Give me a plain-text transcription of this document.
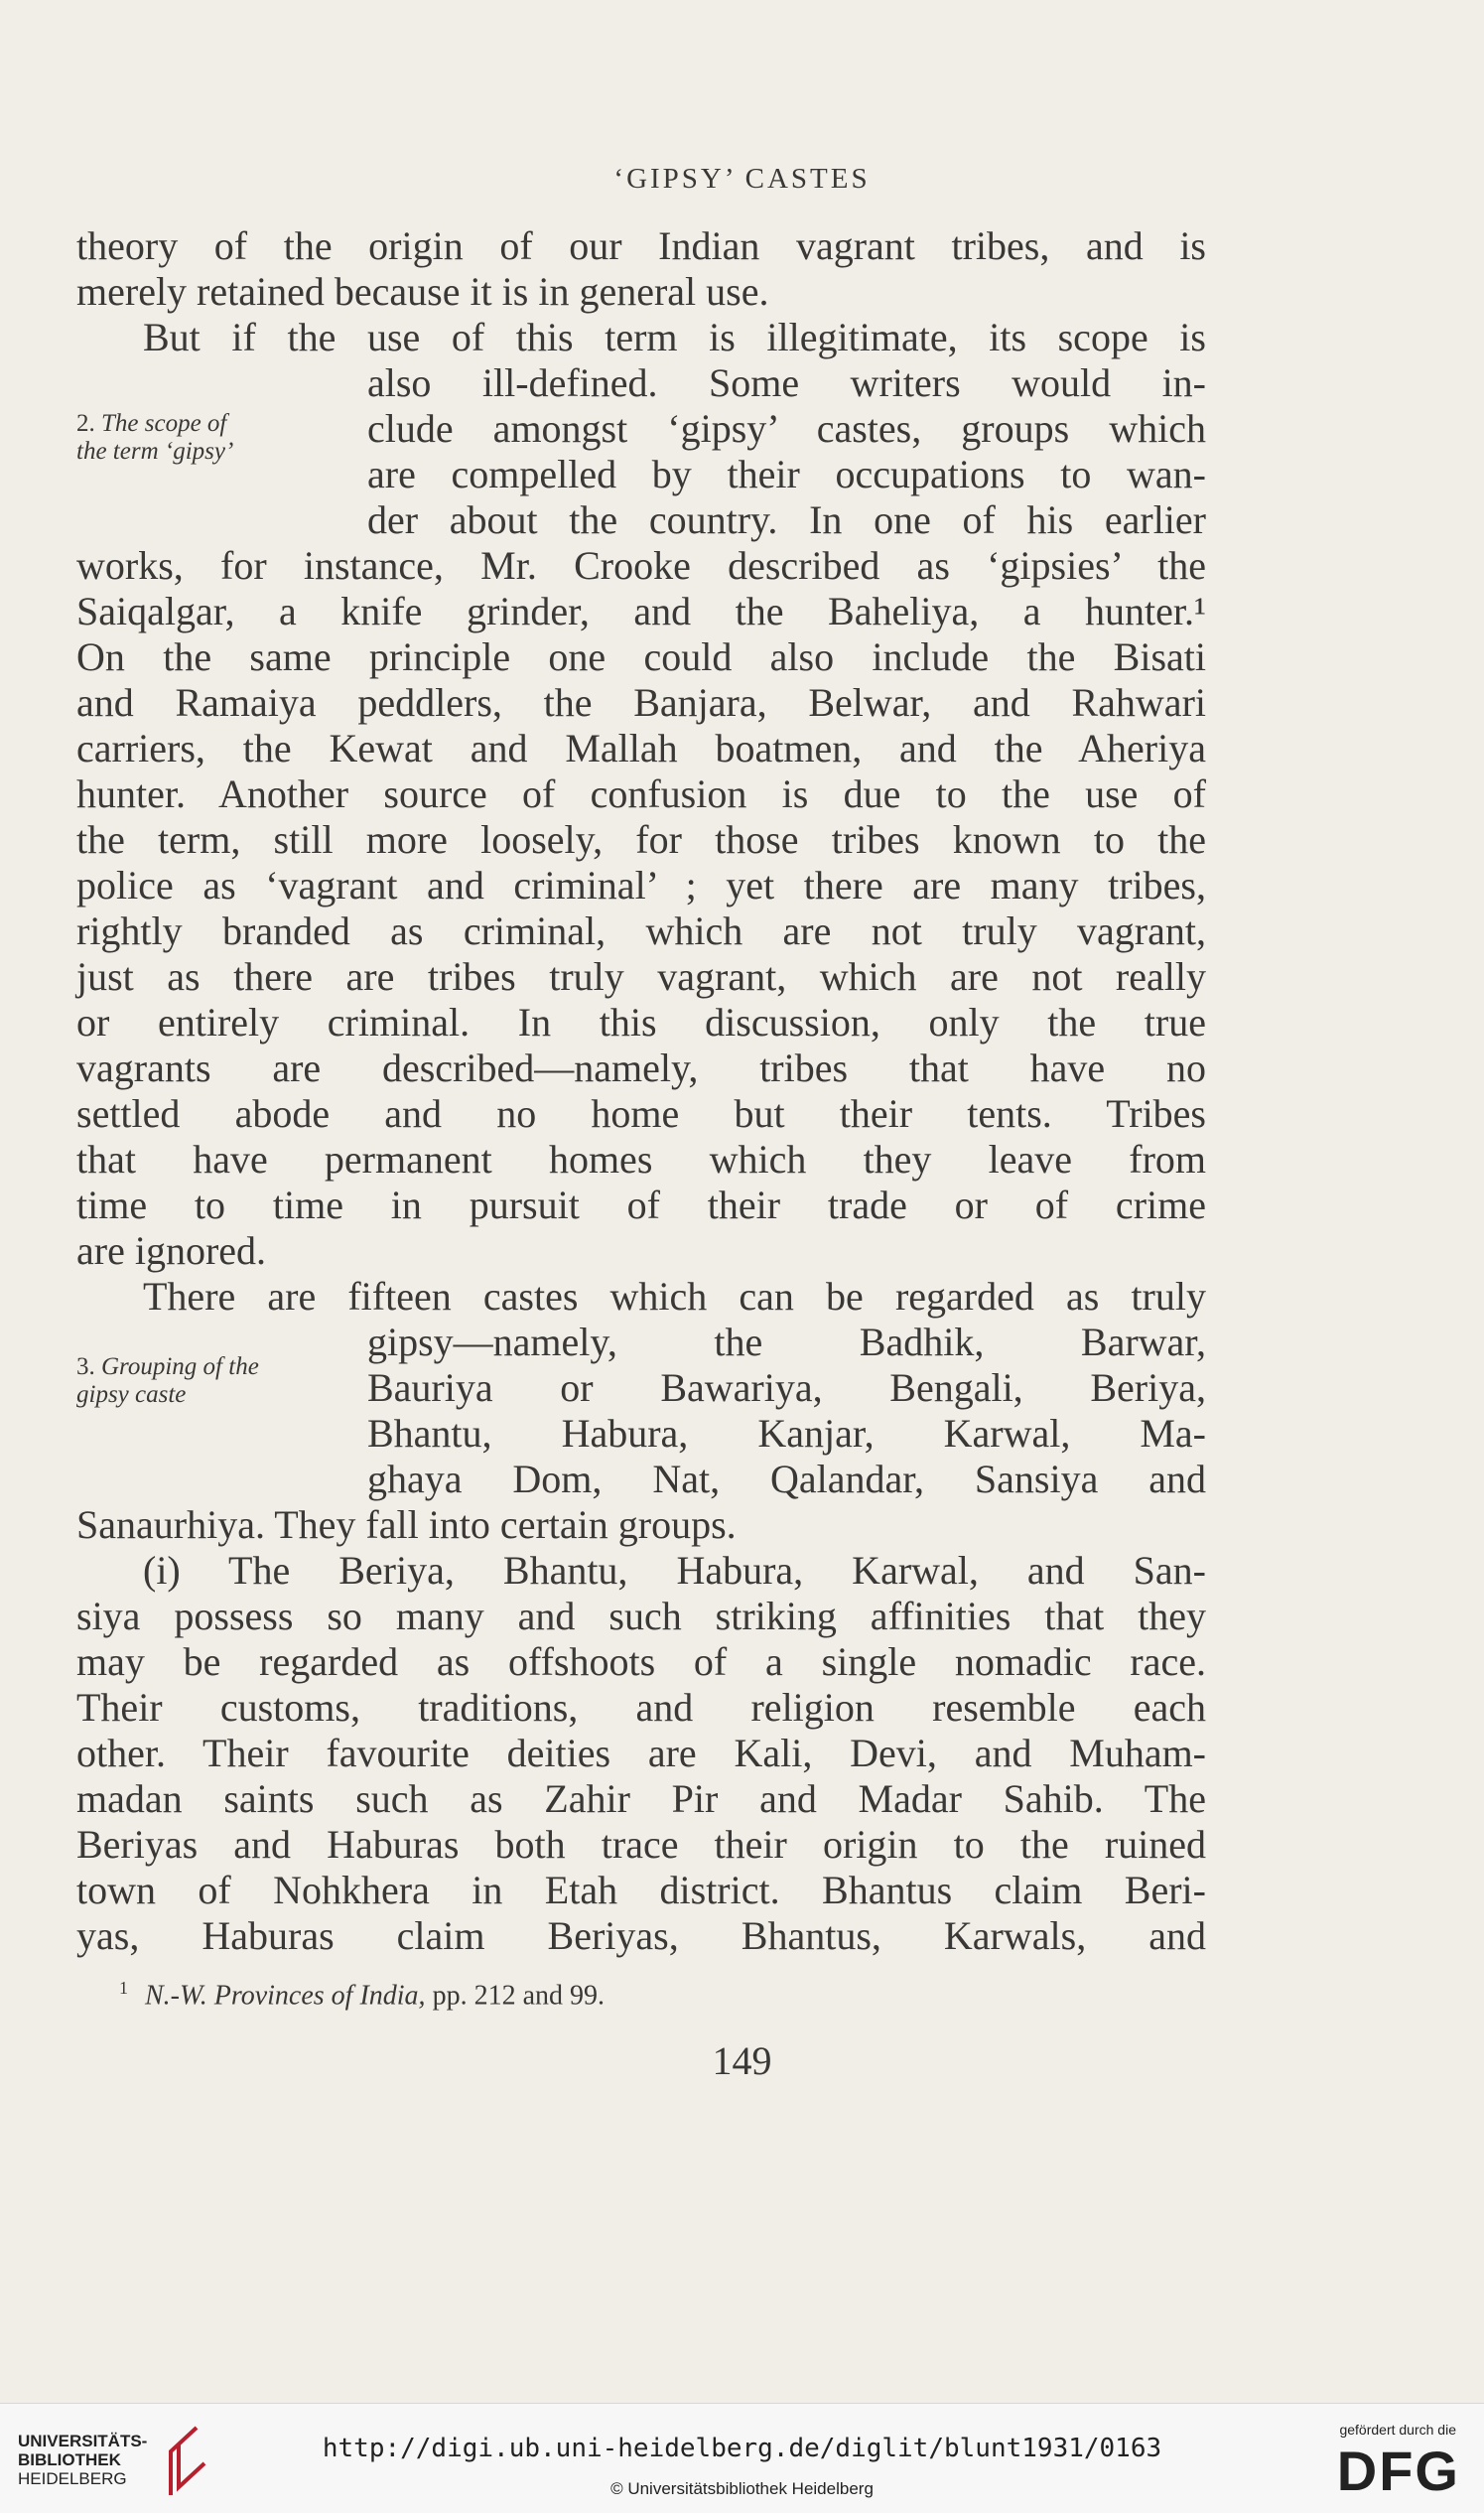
‘GIPSY’ CASTES
theory of the origin of our Indian vagrant tribes, and is
merely retained because it is in general use.
But if the use of this term is illegitimate, its scope is
also ill-defined. Some writers would in-
clude amongst ‘gipsy’ castes, groups which
are compelled by their occupations to wan-
der about the country. In one of his earlier
works, for instance, Mr. Crooke described as ‘gipsies’ the
Saiqalgar, a knife grinder, and the Baheliya, a hunter.¹
On the same principle one could also include the Bisati
and Ramaiya peddlers, the Banjara, Belwar, and Rahwari
carriers, the Kewat and Mallah boatmen, and the Aheriya
hunter. Another source of confusion is due to the use of
the term, still more loosely, for those tribes known to the
police as ‘vagrant and criminal’ ; yet there are many tribes,
rightly branded as criminal, which are not truly vagrant,
just as there are tribes truly vagrant, which are not really
or entirely criminal. In this discussion, only the true
vagrants are described—namely, tribes that have no
settled abode and no home but their tents. Tribes
that have permanent homes which they leave from
time to time in pursuit of their trade or of crime
are ignored.
There are fifteen castes which can be regarded as truly
gipsy—namely, the Badhik, Barwar,
Bauriya or Bawariya, Bengali, Beriya,
Bhantu, Habura, Kanjar, Karwal, Ma-
ghaya Dom, Nat, Qalandar, Sansiya and
Sanaurhiya. They fall into certain groups.
(i) The Beriya, Bhantu, Habura, Karwal, and San-
siya possess so many and such striking affinities that they
may be regarded as offshoots of a single nomadic race.
Their customs, traditions, and religion resemble each
other. Their favourite deities are Kali, Devi, and Muham-
madan saints such as Zahir Pir and Madar Sahib. The
Beriyas and Haburas both trace their origin to the ruined
town of Nohkhera in Etah district. Bhantus claim Beri-
yas, Haburas claim Beriyas, Bhantus, Karwals, and
2. The scope of
the term ‘gipsy’
3. Grouping of the
gipsy caste
$^1$ N.-W. Provinces of India, pp. 212 and 99.
149
UNIVERSITÄTS-
BIBLIOTHEK
HEIDELBERG
http://digi.ub.uni-heidelberg.de/diglit/blunt1931/0163
© Universitätsbibliothek Heidelberg
gefördert durch die
DFG
